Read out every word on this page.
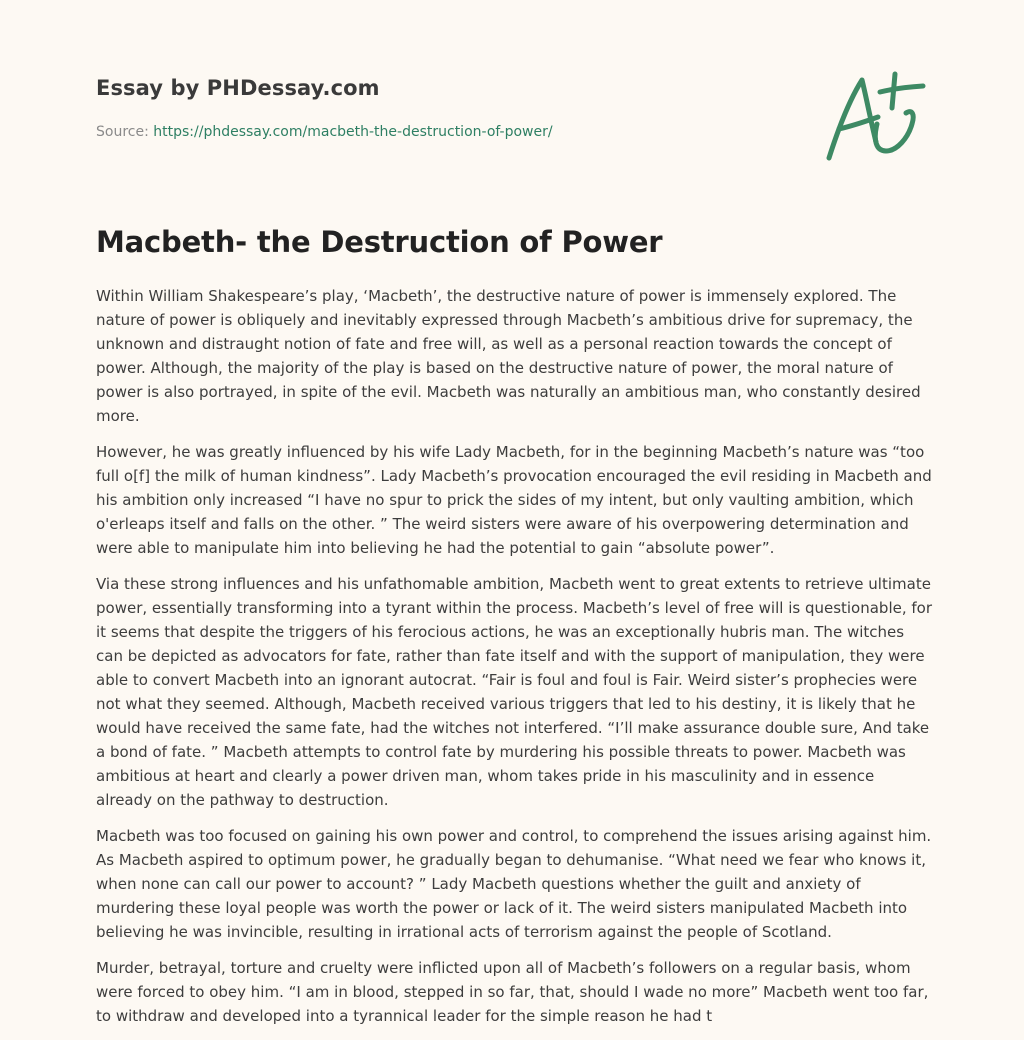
Essay by PHDessay.com
Source: https://phdessay.com/macbeth-the-destruction-of-power/
Macbeth- the Destruction of Power

Within William Shakespeare’s play, ‘Macbeth’, the destructive nature of power is immensely explored. The nature of power is obliquely and inevitably expressed through Macbeth’s ambitious drive for supremacy, the unknown and distraught notion of fate and free will, as well as a personal reaction towards the concept of power. Although, the majority of the play is based on the destructive nature of power, the moral nature of power is also portrayed, in spite of the evil. Macbeth was naturally an ambitious man, who constantly desired more.

However, he was greatly influenced by his wife Lady Macbeth, for in the beginning Macbeth’s nature was “too full o[f] the milk of human kindness”. Lady Macbeth’s provocation encouraged the evil residing in Macbeth and his ambition only increased “I have no spur to prick the sides of my intent, but only vaulting ambition, which o'erleaps itself and falls on the other. ” The weird sisters were aware of his overpowering determination and were able to manipulate him into believing he had the potential to gain “absolute power”.

Via these strong influences and his unfathomable ambition, Macbeth went to great extents to retrieve ultimate power, essentially transforming into a tyrant within the process. Macbeth’s level of free will is questionable, for it seems that despite the triggers of his ferocious actions, he was an exceptionally hubris man. The witches can be depicted as advocators for fate, rather than fate itself and with the support of manipulation, they were able to convert Macbeth into an ignorant autocrat. “Fair is foul and foul is Fair. Weird sister’s prophecies were not what they seemed. Although, Macbeth received various triggers that led to his destiny, it is likely that he would have received the same fate, had the witches not interfered. “I’ll make assurance double sure, And take a bond of fate. ” Macbeth attempts to control fate by murdering his possible threats to power. Macbeth was ambitious at heart and clearly a power driven man, whom takes pride in his masculinity and in essence already on the pathway to destruction.

Macbeth was too focused on gaining his own power and control, to comprehend the issues arising against him. As Macbeth aspired to optimum power, he gradually began to dehumanise. “What need we fear who knows it, when none can call our power to account? ” Lady Macbeth questions whether the guilt and anxiety of murdering these loyal people was worth the power or lack of it. The weird sisters manipulated Macbeth into believing he was invincible, resulting in irrational acts of terrorism against the people of Scotland.

Murder, betrayal, torture and cruelty were inflicted upon all of Macbeth’s followers on a regular basis, whom were forced to obey him. “I am in blood, stepped in so far, that, should I wade no more” Macbeth went too far, to withdraw and developed into a tyrannical leader for the simple reason he had t
